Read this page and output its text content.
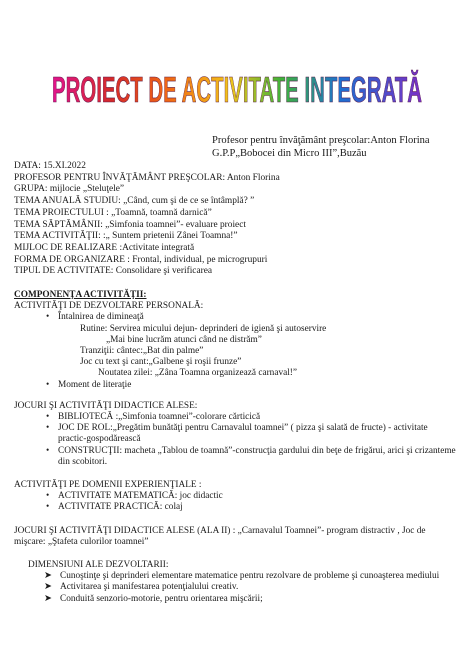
PROIECT DE ACTIVITATE INTEGRATĂ
Profesor pentru învăţământ preşcolar:Anton Florina
G.P.P„Bobocei din Micro III”,Buzău
DATA: 15.XI.2022
PROFESOR PENTRU ÎNVĂŢĂMÂNT PREŞCOLAR: Anton Florina
GRUPA: mijlocie „Steluţele”
TEMA ANUALĂ STUDIU: „Când, cum şi de ce se întâmplă? ”
TEMA PROIECTULUI : „Toamnă, toamnă darnică”
TEMA SĂPTĂMÂNII: „Simfonia toamnei”- evaluare proiect
TEMA ACTIVITĂŢII: :„ Suntem prietenii Zânei Toamna!”
MIJLOC DE REALIZARE :Activitate integrată
FORMA DE ORGANIZARE : Frontal, individual, pe microgrupuri
TIPUL DE ACTIVITATE: Consolidare şi verificarea
COMPONENŢA ACTIVITĂŢII:
ACTIVITĂŢI DE DEZVOLTARE PERSONALĂ:
• Întalnirea de dimineaţă
Rutine: Servirea micului dejun- deprinderi de igienă şi autoservire
„Mai bine lucrăm atunci când ne distrăm”
Tranziţii: cântec:„Bat din palme”
Joc cu text şi cant:„Galbene şi roşii frunze”
Noutatea zilei: „Zâna Toamna organizează carnaval!”
• Moment de literaţie
JOCURI ŞI ACTIVITĂŢI DIDACTICE ALESE:
• BIBLIOTECĂ :„Simfonia toamnei”-colorare cărticică
• JOC DE ROL:„Pregătim bunătăţi pentru Carnavalul toamnei” ( pizza şi salată de fructe) - activitate practic-gospodărească
• CONSTRUCŢII: macheta „Tablou de toamnă”-construcţia gardului din beţe de frigărui, arici şi crizanteme din scobitori.
ACTIVITĂŢI PE DOMENII EXPERIENŢIALE :
• ACTIVITATE MATEMATICĂ: joc didactic
• ACTIVITATE PRACTICĂ: colaj
JOCURI ŞI ACTIVITĂŢI DIDACTICE ALESE (ALA II) : „Carnavalul Toamnei”- program distractiv , Joc de mişcare: „Ştafeta culorilor toamnei”
DIMENSIUNI ALE DEZVOLTARII:
➤ Cunoştinţe şi deprinderi elementare matematice pentru rezolvare de probleme şi cunoaşterea mediului
➤ Activitarea şi manifestarea potenţialului creativ.
➤ Conduită senzorio-motorie, pentru orientarea mişcării;
